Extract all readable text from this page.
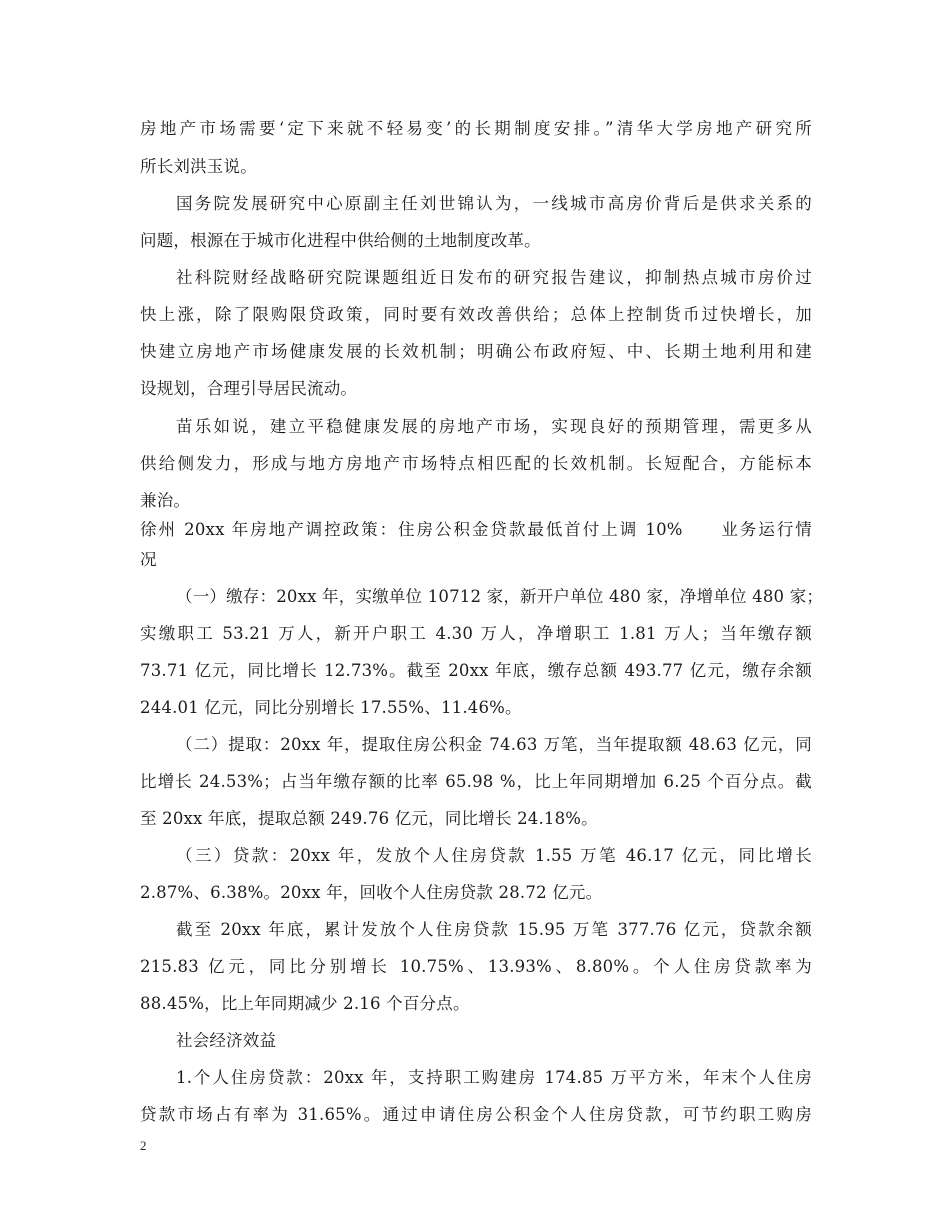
房地产市场需要‘定下来就不轻易变’的长期制度安排。”清华大学房地产研究所
所长刘洪玉说。
国务院发展研究中心原副主任刘世锦认为，一线城市高房价背后是供求关系的
问题，根源在于城市化进程中供给侧的土地制度改革。
社科院财经战略研究院课题组近日发布的研究报告建议，抑制热点城市房价过
快上涨，除了限购限贷政策，同时要有效改善供给；总体上控制货币过快增长，加
快建立房地产市场健康发展的长效机制；明确公布政府短、中、长期土地利用和建
设规划，合理引导居民流动。
苗乐如说，建立平稳健康发展的房地产市场，实现良好的预期管理，需更多从
供给侧发力，形成与地方房地产市场特点相匹配的长效机制。长短配合，方能标本
兼治。
徐州 20xx 年房地产调控政策：住房公积金贷款最低首付上调 10%　　业务运行情
况
（一）缴存：20xx 年，实缴单位 10712 家，新开户单位 480 家，净增单位 480 家；
实缴职工 53.21 万人，新开户职工 4.30 万人，净增职工 1.81 万人；当年缴存额
73.71 亿元，同比增长 12.73%。截至 20xx 年底，缴存总额 493.77 亿元，缴存余额
244.01 亿元，同比分别增长 17.55%、11.46%。
（二）提取：20xx 年，提取住房公积金 74.63 万笔，当年提取额 48.63 亿元，同
比增长 24.53%；占当年缴存额的比率 65.98 %，比上年同期增加 6.25 个百分点。截
至 20xx 年底，提取总额 249.76 亿元，同比增长 24.18%。
（三）贷款：20xx 年，发放个人住房贷款 1.55 万笔 46.17 亿元，同比增长
2.87%、6.38%。20xx 年，回收个人住房贷款 28.72 亿元。
截至 20xx 年底，累计发放个人住房贷款 15.95 万笔 377.76 亿元，贷款余额
215.83 亿元，同比分别增长 10.75%、13.93%、8.80%。个人住房贷款率为
88.45%，比上年同期减少 2.16 个百分点。
社会经济效益
1.个人住房贷款：20xx 年，支持职工购建房 174.85 万平方米，年末个人住房
贷款市场占有率为 31.65%。通过申请住房公积金个人住房贷款，可节约职工购房
2
